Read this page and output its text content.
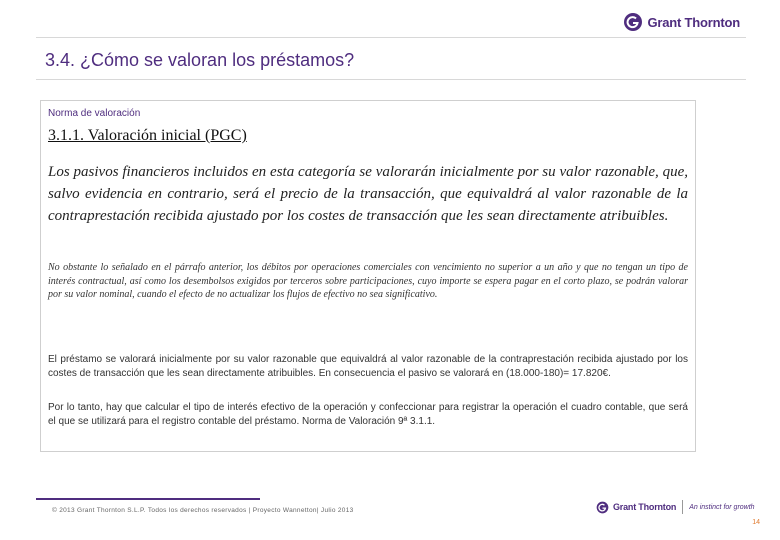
Grant Thornton
3.4. ¿Cómo se valoran los préstamos?
Norma de valoración
3.1.1. Valoración inicial (PGC)

Los pasivos financieros incluidos en esta categoría se valorarán inicialmente por su valor razonable, que, salvo evidencia en contrario, será el precio de la transacción, que equivaldrá al valor razonable de la contraprestación recibida ajustado por los costes de transacción que les sean directamente atribuibles.

No obstante lo señalado en el párrafo anterior, los débitos por operaciones comerciales con vencimiento no superior a un año y que no tengan un tipo de interés contractual, así como los desembolsos exigidos por terceros sobre participaciones, cuyo importe se espera pagar en el corto plazo, se podrán valorar por su valor nominal, cuando el efecto de no actualizar los flujos de efectivo no sea significativo.

El préstamo se valorará inicialmente por su valor razonable que equivaldrá al valor razonable de la contraprestación recibida ajustado por los costes de transacción que les sean directamente atribuibles. En consecuencia el pasivo se valorará en (18.000-180)= 17.820€.

Por lo tanto, hay que calcular el tipo de interés efectivo de la operación y confeccionar para registrar la operación el cuadro contable, que será el que se utilizará para el registro contable del préstamo. Norma de Valoración 9ª 3.1.1.

© 2013 Grant Thornton S.L.P. Todos los derechos reservados | Proyecto Wannetton| Julio 2013	Grant Thornton An instinct for growth
14
